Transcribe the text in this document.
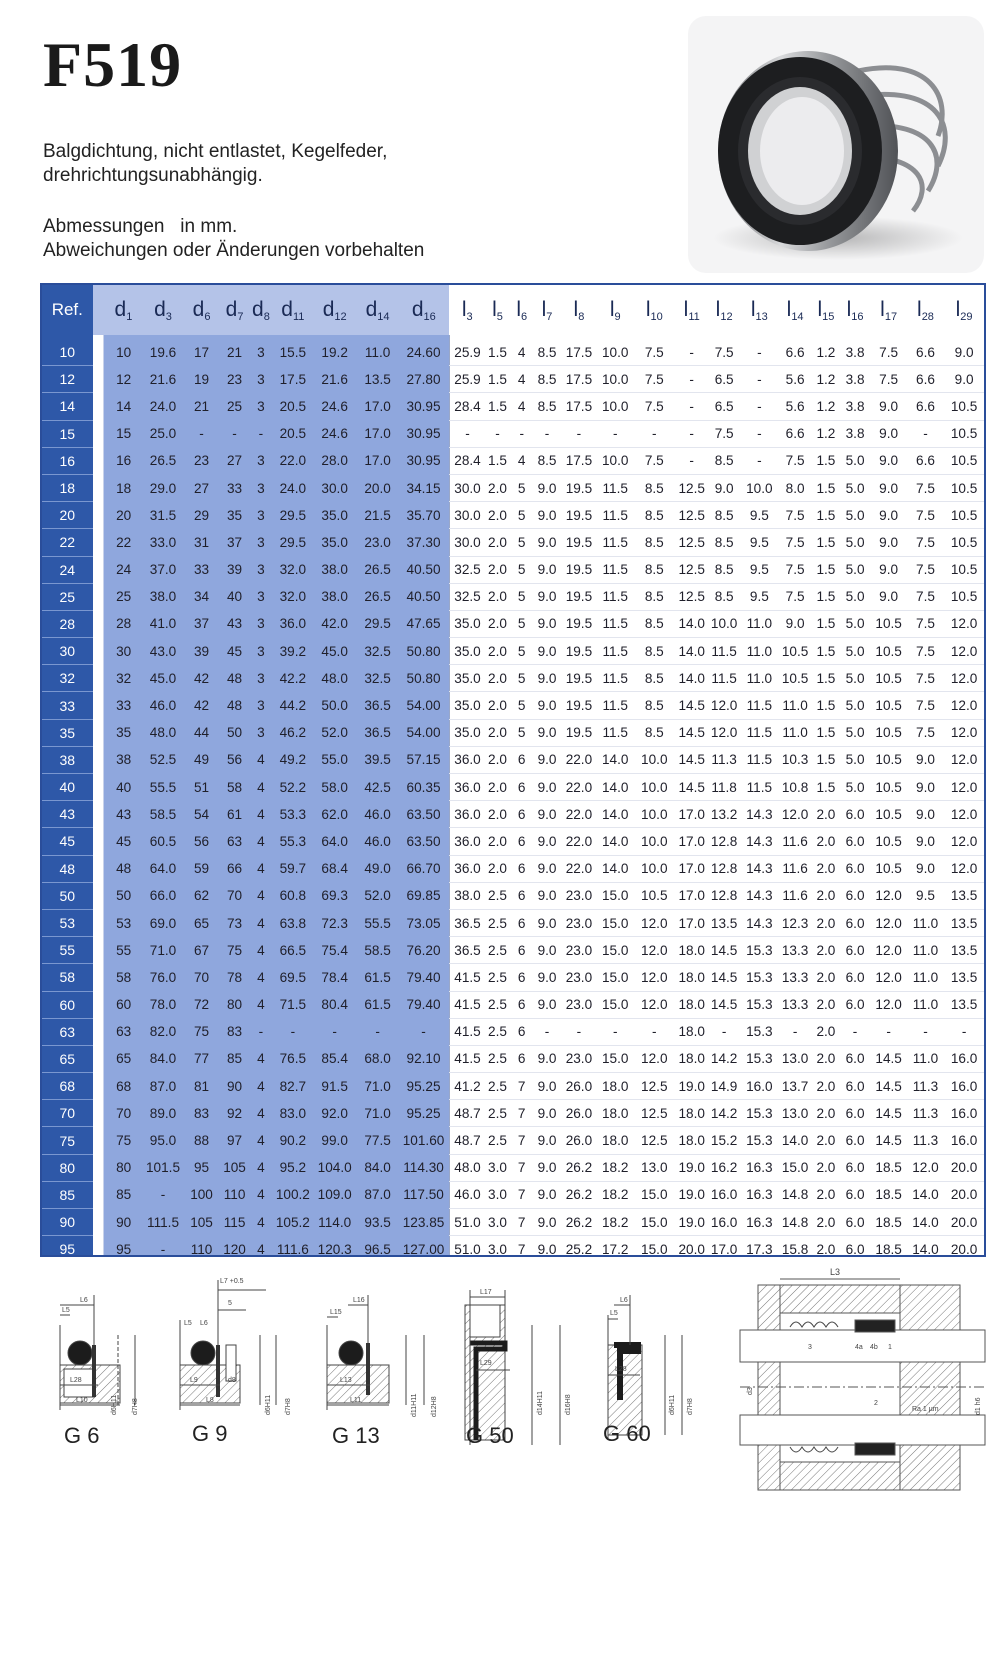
F519
Balgdichtung, nicht entlastet, Kegelfeder,
drehrichtungsunabhängig.
Abmessungen   in mm.
Abweichungen oder Änderungen vorbehalten
Ref.		$d_1$	$d_3$	$d_6$	$d_7$	$d_8$	$d_{11}$	$d_{12}$	$d_{14}$	$d_{16}$	$l_3$	$l_5$	$l_6$	$l_7$	$l_8$	$l_9$	$l_{10}$	$l_{11}$	$l_{12}$	$l_{13}$	$l_{14}$	$l_{15}$	$l_{16}$	$l_{17}$	$l_{28}$	$l_{29}$
10		10	19.6	17	21	3	15.5	19.2	11.0	24.60	25.9	1.5	4	8.5	17.5	10.0	7.5	-	7.5	-	6.6	1.2	3.8	7.5	6.6	9.0
12		12	21.6	19	23	3	17.5	21.6	13.5	27.80	25.9	1.5	4	8.5	17.5	10.0	7.5	-	6.5	-	5.6	1.2	3.8	7.5	6.6	9.0
14		14	24.0	21	25	3	20.5	24.6	17.0	30.95	28.4	1.5	4	8.5	17.5	10.0	7.5	-	6.5	-	5.6	1.2	3.8	9.0	6.6	10.5
15		15	25.0	-	-	-	20.5	24.6	17.0	30.95	-	-	-	-	-	-	-	-	7.5	-	6.6	1.2	3.8	9.0	-	10.5
16		16	26.5	23	27	3	22.0	28.0	17.0	30.95	28.4	1.5	4	8.5	17.5	10.0	7.5	-	8.5	-	7.5	1.5	5.0	9.0	6.6	10.5
18		18	29.0	27	33	3	24.0	30.0	20.0	34.15	30.0	2.0	5	9.0	19.5	11.5	8.5	12.5	9.0	10.0	8.0	1.5	5.0	9.0	7.5	10.5
20		20	31.5	29	35	3	29.5	35.0	21.5	35.70	30.0	2.0	5	9.0	19.5	11.5	8.5	12.5	8.5	9.5	7.5	1.5	5.0	9.0	7.5	10.5
22		22	33.0	31	37	3	29.5	35.0	23.0	37.30	30.0	2.0	5	9.0	19.5	11.5	8.5	12.5	8.5	9.5	7.5	1.5	5.0	9.0	7.5	10.5
24		24	37.0	33	39	3	32.0	38.0	26.5	40.50	32.5	2.0	5	9.0	19.5	11.5	8.5	12.5	8.5	9.5	7.5	1.5	5.0	9.0	7.5	10.5
25		25	38.0	34	40	3	32.0	38.0	26.5	40.50	32.5	2.0	5	9.0	19.5	11.5	8.5	12.5	8.5	9.5	7.5	1.5	5.0	9.0	7.5	10.5
28		28	41.0	37	43	3	36.0	42.0	29.5	47.65	35.0	2.0	5	9.0	19.5	11.5	8.5	14.0	10.0	11.0	9.0	1.5	5.0	10.5	7.5	12.0
30		30	43.0	39	45	3	39.2	45.0	32.5	50.80	35.0	2.0	5	9.0	19.5	11.5	8.5	14.0	11.5	11.0	10.5	1.5	5.0	10.5	7.5	12.0
32		32	45.0	42	48	3	42.2	48.0	32.5	50.80	35.0	2.0	5	9.0	19.5	11.5	8.5	14.0	11.5	11.0	10.5	1.5	5.0	10.5	7.5	12.0
33		33	46.0	42	48	3	44.2	50.0	36.5	54.00	35.0	2.0	5	9.0	19.5	11.5	8.5	14.5	12.0	11.5	11.0	1.5	5.0	10.5	7.5	12.0
35		35	48.0	44	50	3	46.2	52.0	36.5	54.00	35.0	2.0	5	9.0	19.5	11.5	8.5	14.5	12.0	11.5	11.0	1.5	5.0	10.5	7.5	12.0
38		38	52.5	49	56	4	49.2	55.0	39.5	57.15	36.0	2.0	6	9.0	22.0	14.0	10.0	14.5	11.3	11.5	10.3	1.5	5.0	10.5	9.0	12.0
40		40	55.5	51	58	4	52.2	58.0	42.5	60.35	36.0	2.0	6	9.0	22.0	14.0	10.0	14.5	11.8	11.5	10.8	1.5	5.0	10.5	9.0	12.0
43		43	58.5	54	61	4	53.3	62.0	46.0	63.50	36.0	2.0	6	9.0	22.0	14.0	10.0	17.0	13.2	14.3	12.0	2.0	6.0	10.5	9.0	12.0
45		45	60.5	56	63	4	55.3	64.0	46.0	63.50	36.0	2.0	6	9.0	22.0	14.0	10.0	17.0	12.8	14.3	11.6	2.0	6.0	10.5	9.0	12.0
48		48	64.0	59	66	4	59.7	68.4	49.0	66.70	36.0	2.0	6	9.0	22.0	14.0	10.0	17.0	12.8	14.3	11.6	2.0	6.0	10.5	9.0	12.0
50		50	66.0	62	70	4	60.8	69.3	52.0	69.85	38.0	2.5	6	9.0	23.0	15.0	10.5	17.0	12.8	14.3	11.6	2.0	6.0	12.0	9.5	13.5
53		53	69.0	65	73	4	63.8	72.3	55.5	73.05	36.5	2.5	6	9.0	23.0	15.0	12.0	17.0	13.5	14.3	12.3	2.0	6.0	12.0	11.0	13.5
55		55	71.0	67	75	4	66.5	75.4	58.5	76.20	36.5	2.5	6	9.0	23.0	15.0	12.0	18.0	14.5	15.3	13.3	2.0	6.0	12.0	11.0	13.5
58		58	76.0	70	78	4	69.5	78.4	61.5	79.40	41.5	2.5	6	9.0	23.0	15.0	12.0	18.0	14.5	15.3	13.3	2.0	6.0	12.0	11.0	13.5
60		60	78.0	72	80	4	71.5	80.4	61.5	79.40	41.5	2.5	6	9.0	23.0	15.0	12.0	18.0	14.5	15.3	13.3	2.0	6.0	12.0	11.0	13.5
63		63	82.0	75	83	-	-	-	-	-	41.5	2.5	6	-	-	-	-	18.0	-	15.3	-	2.0	-	-	-	-
65		65	84.0	77	85	4	76.5	85.4	68.0	92.10	41.5	2.5	6	9.0	23.0	15.0	12.0	18.0	14.2	15.3	13.0	2.0	6.0	14.5	11.0	16.0
68		68	87.0	81	90	4	82.7	91.5	71.0	95.25	41.2	2.5	7	9.0	26.0	18.0	12.5	19.0	14.9	16.0	13.7	2.0	6.0	14.5	11.3	16.0
70		70	89.0	83	92	4	83.0	92.0	71.0	95.25	48.7	2.5	7	9.0	26.0	18.0	12.5	18.0	14.2	15.3	13.0	2.0	6.0	14.5	11.3	16.0
75		75	95.0	88	97	4	90.2	99.0	77.5	101.60	48.7	2.5	7	9.0	26.0	18.0	12.5	18.0	15.2	15.3	14.0	2.0	6.0	14.5	11.3	16.0
80		80	101.5	95	105	4	95.2	104.0	84.0	114.30	48.0	3.0	7	9.0	26.2	18.2	13.0	19.0	16.2	16.3	15.0	2.0	6.0	18.5	12.0	20.0
85		85	-	100	110	4	100.2	109.0	87.0	117.50	46.0	3.0	7	9.0	26.2	18.2	15.0	19.0	16.0	16.3	14.8	2.0	6.0	18.5	14.0	20.0
90		90	111.5	105	115	4	105.2	114.0	93.5	123.85	51.0	3.0	7	9.0	26.2	18.2	15.0	19.0	16.0	16.3	14.8	2.0	6.0	18.5	14.0	20.0
95		95	-	110	120	4	111.6	120.3	96.5	127.00	51.0	3.0	7	9.0	25.2	17.2	15.0	20.0	17.0	17.3	15.8	2.0	6.0	18.5	14.0	20.0

L6
L5
L28
L10	d6H11 d7H8
L7 +0.5
5
L5 L6
L9	d8
L8	d6H11 d7H8
L16
L15
L13
L11	d11H11 d12H8
L17
L29
d14H11	d16H8
L6
L5
L28
d6H11 d7H8
L3
d3
d1 h6
Ra 1 µm
3	4a 4b 1
2
G 6	G 9	G 13	G 50	G 60
